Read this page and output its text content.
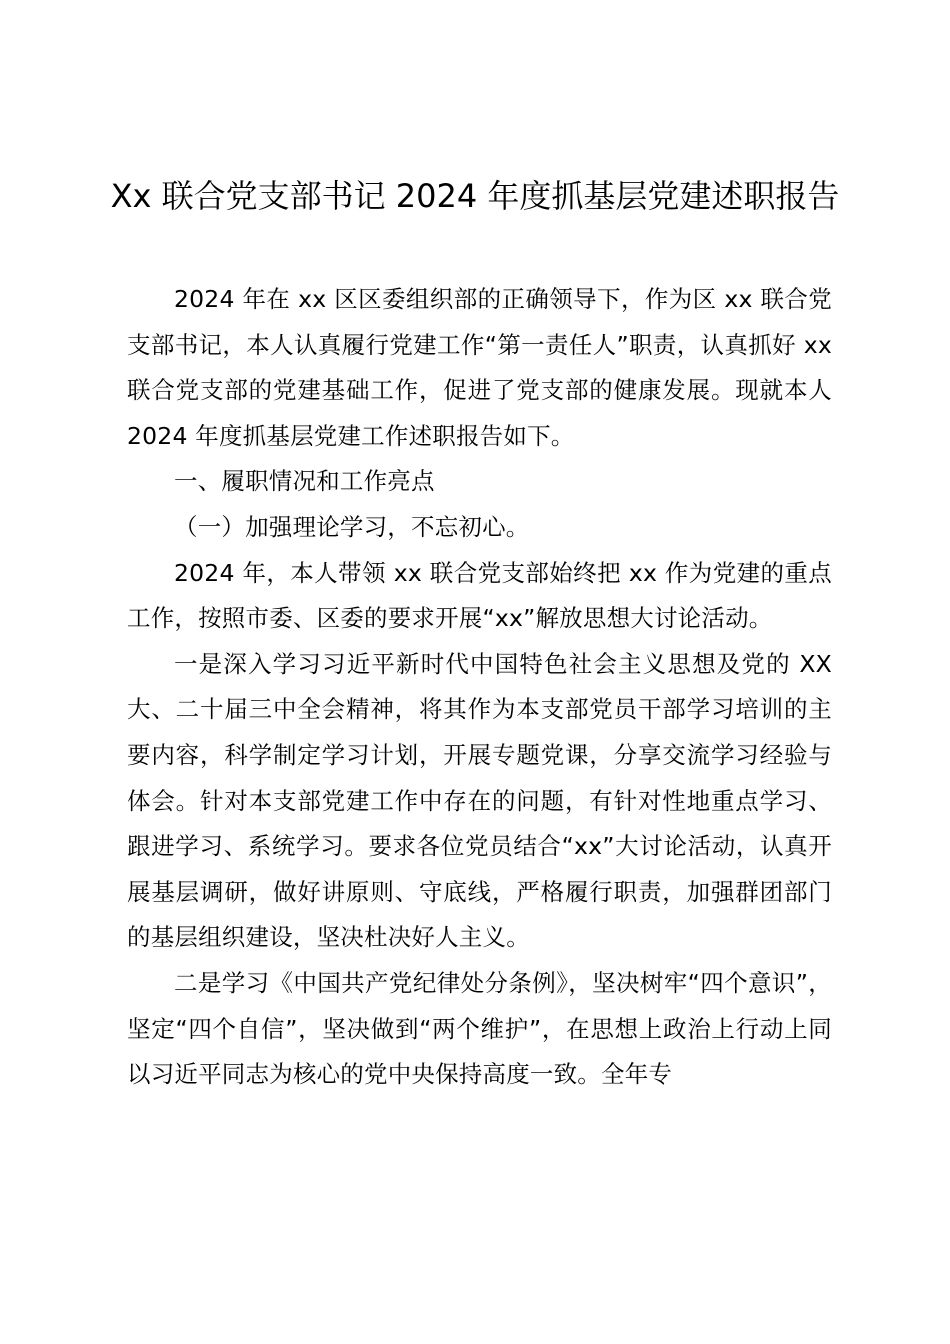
Xx 联合党支部书记 2024 年度抓基层党建述职报告

2024 年在 xx 区区委组织部的正确领导下，作为区 xx 联合党支部书记，本人认真履行党建工作“第一责任人”职责，认真抓好 xx 联合党支部的党建基础工作，促进了党支部的健康发展。现就本人 2024 年度抓基层党建工作述职报告如下。

一、履职情况和工作亮点

（一）加强理论学习，不忘初心。

2024 年，本人带领 xx 联合党支部始终把 xx 作为党建的重点工作，按照市委、区委的要求开展“xx”解放思想大讨论活动。

一是深入学习习近平新时代中国特色社会主义思想及党的 XX 大、二十届三中全会精神，将其作为本支部党员干部学习培训的主要内容，科学制定学习计划，开展专题党课，分享交流学习经验与体会。针对本支部党建工作中存在的问题，有针对性地重点学习、跟进学习、系统学习。要求各位党员结合“xx”大讨论活动，认真开展基层调研，做好讲原则、守底线，严格履行职责，加强群团部门的基层组织建设，坚决杜决好人主义。

二是学习《中国共产党纪律处分条例》，坚决树牢“四个意识”，坚定“四个自信”，坚决做到“两个维护”，在思想上政治上行动上同以习近平同志为核心的党中央保持高度一致。全年专
